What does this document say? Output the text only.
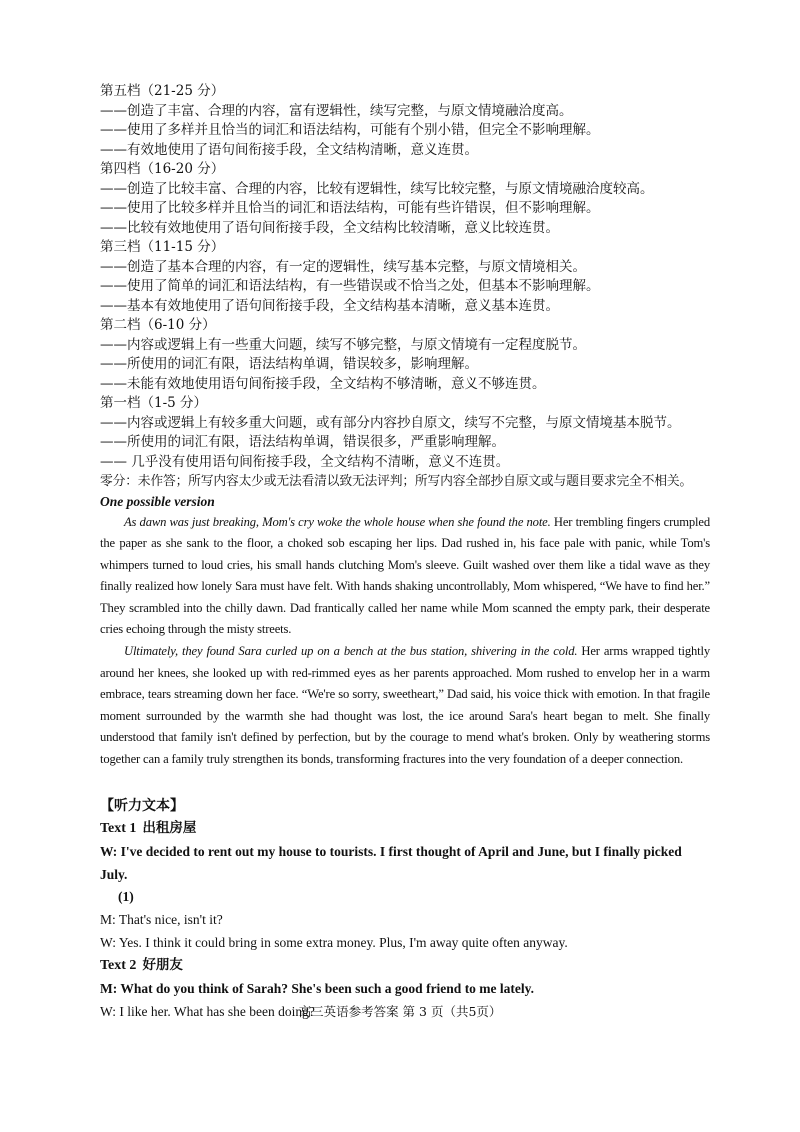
第五档（21-25 分）
——创造了丰富、合理的内容，富有逻辑性，续写完整，与原文情境融洽度高。
——使用了多样并且恰当的词汇和语法结构，可能有个别小错，但完全不影响理解。
——有效地使用了语句间衔接手段，全文结构清晰，意义连贯。
第四档（16-20 分）
——创造了比较丰富、合理的内容，比较有逻辑性，续写比较完整，与原文情境融洽度较高。
——使用了比较多样并且恰当的词汇和语法结构，可能有些许错误，但不影响理解。
——比较有效地使用了语句间衔接手段，全文结构比较清晰，意义比较连贯。
第三档（11-15 分）
——创造了基本合理的内容，有一定的逻辑性，续写基本完整，与原文情境相关。
——使用了简单的词汇和语法结构，有一些错误或不恰当之处，但基本不影响理解。
——基本有效地使用了语句间衔接手段，全文结构基本清晰，意义基本连贯。
第二档（6-10 分）
——内容或逻辑上有一些重大问题，续写不够完整，与原文情境有一定程度脱节。
——所使用的词汇有限，语法结构单调，错误较多，影响理解。
——未能有效地使用语句间衔接手段，全文结构不够清晰，意义不够连贯。
第一档（1-5 分）
——内容或逻辑上有较多重大问题，或有部分内容抄自原文，续写不完整，与原文情境基本脱节。
——所使用的词汇有限，语法结构单调，错误很多，严重影响理解。
—— 几乎没有使用语句间衔接手段，全文结构不清晰，意义不连贯。
零分：未作答；所写内容太少或无法看清以致无法评判；所写内容全部抄自原文或与题目要求完全不相关。
One possible version

As dawn was just breaking, Mom's cry woke the whole house when she found the note. Her trembling fingers crumpled the paper as she sank to the floor, a choked sob escaping her lips. Dad rushed in, his face pale with panic, while Tom's whimpers turned to loud cries, his small hands clutching Mom's sleeve. Guilt washed over them like a tidal wave as they finally realized how lonely Sara must have felt. With hands shaking uncontrollably, Mom whispered, “We have to find her.” They scrambled into the chilly dawn. Dad frantically called her name while Mom scanned the empty park, their desperate cries echoing through the misty streets.

Ultimately, they found Sara curled up on a bench at the bus station, shivering in the cold. Her arms wrapped tightly around her knees, she looked up with red-rimmed eyes as her parents approached. Mom rushed to envelop her in a warm embrace, tears streaming down her face. “We're so sorry, sweetheart,” Dad said, his voice thick with emotion. In that fragile moment surrounded by the warmth she had thought was lost, the ice around Sara's heart began to melt. She finally understood that family isn't defined by perfection, but by the courage to mend what's broken. Only by weathering storms together can a family truly strengthen its bonds, transforming fractures into the very foundation of a deeper connection.

【听力文本】
Text 1 出租房屋
W: I've decided to rent out my house to tourists. I first thought of April and June, but I finally picked July.
(1)
M: That's nice, isn't it?
W: Yes. I think it could bring in some extra money. Plus, I'm away quite often anyway.
Text 2 好朋友
M: What do you think of Sarah? She's been such a good friend to me lately.
W: I like her. What has she been doing?
高三英语参考答案 第 3 页（共5页）
